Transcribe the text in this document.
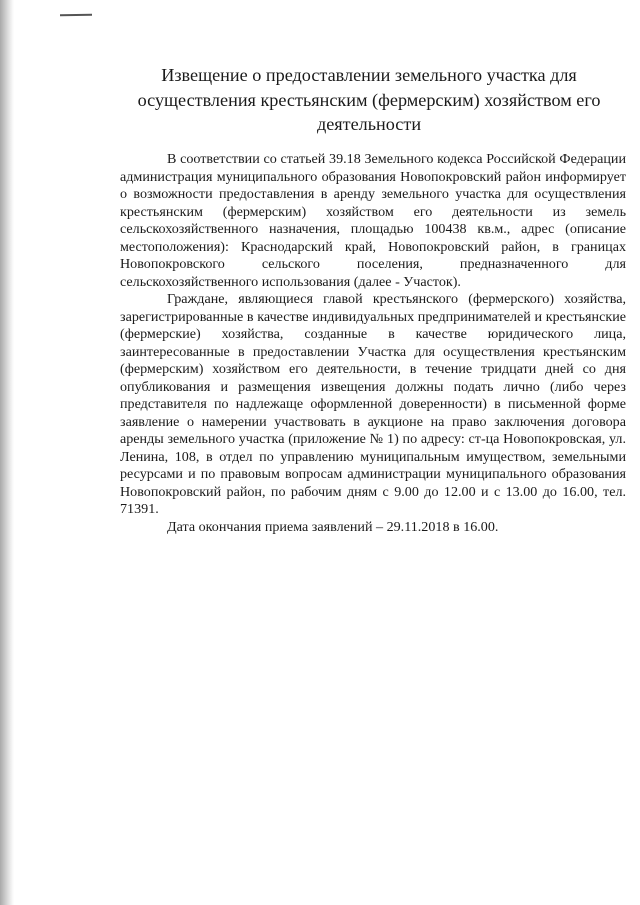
Извещение о предоставлении земельного участка для осуществления крестьянским (фермерским) хозяйством его деятельности

В соответствии со статьей 39.18 Земельного кодекса Российской Федерации администрация муниципального образования Новопокровский район информирует о возможности предоставления в аренду земельного участка для осуществления крестьянским (фермерским) хозяйством его деятельности из земель сельскохозяйственного назначения, площадью 100438 кв.м., адрес (описание местоположения): Краснодарский край, Новопокровский район, в границах Новопокровского сельского поселения, предназначенного для сельскохозяйственного использования (далее - Участок).

Граждане, являющиеся главой крестьянского (фермерского) хозяйства, зарегистрированные в качестве индивидуальных предпринимателей и крестьянские (фермерские) хозяйства, созданные в качестве юридического лица, заинтересованные в предоставлении Участка для осуществления крестьянским (фермерским) хозяйством его деятельности, в течение тридцати дней со дня опубликования и размещения извещения должны подать лично (либо через представителя по надлежаще оформленной доверенности) в письменной форме заявление о намерении участвовать в аукционе на право заключения договора аренды земельного участка (приложение № 1) по адресу: ст-ца Новопокровская, ул. Ленина, 108, в отдел по управлению муниципальным имуществом, земельными ресурсами и по правовым вопросам администрации муниципального образования Новопокровский район, по рабочим дням с 9.00 до 12.00 и с 13.00 до 16.00, тел. 71391.

Дата окончания приема заявлений – 29.11.2018 в 16.00.
